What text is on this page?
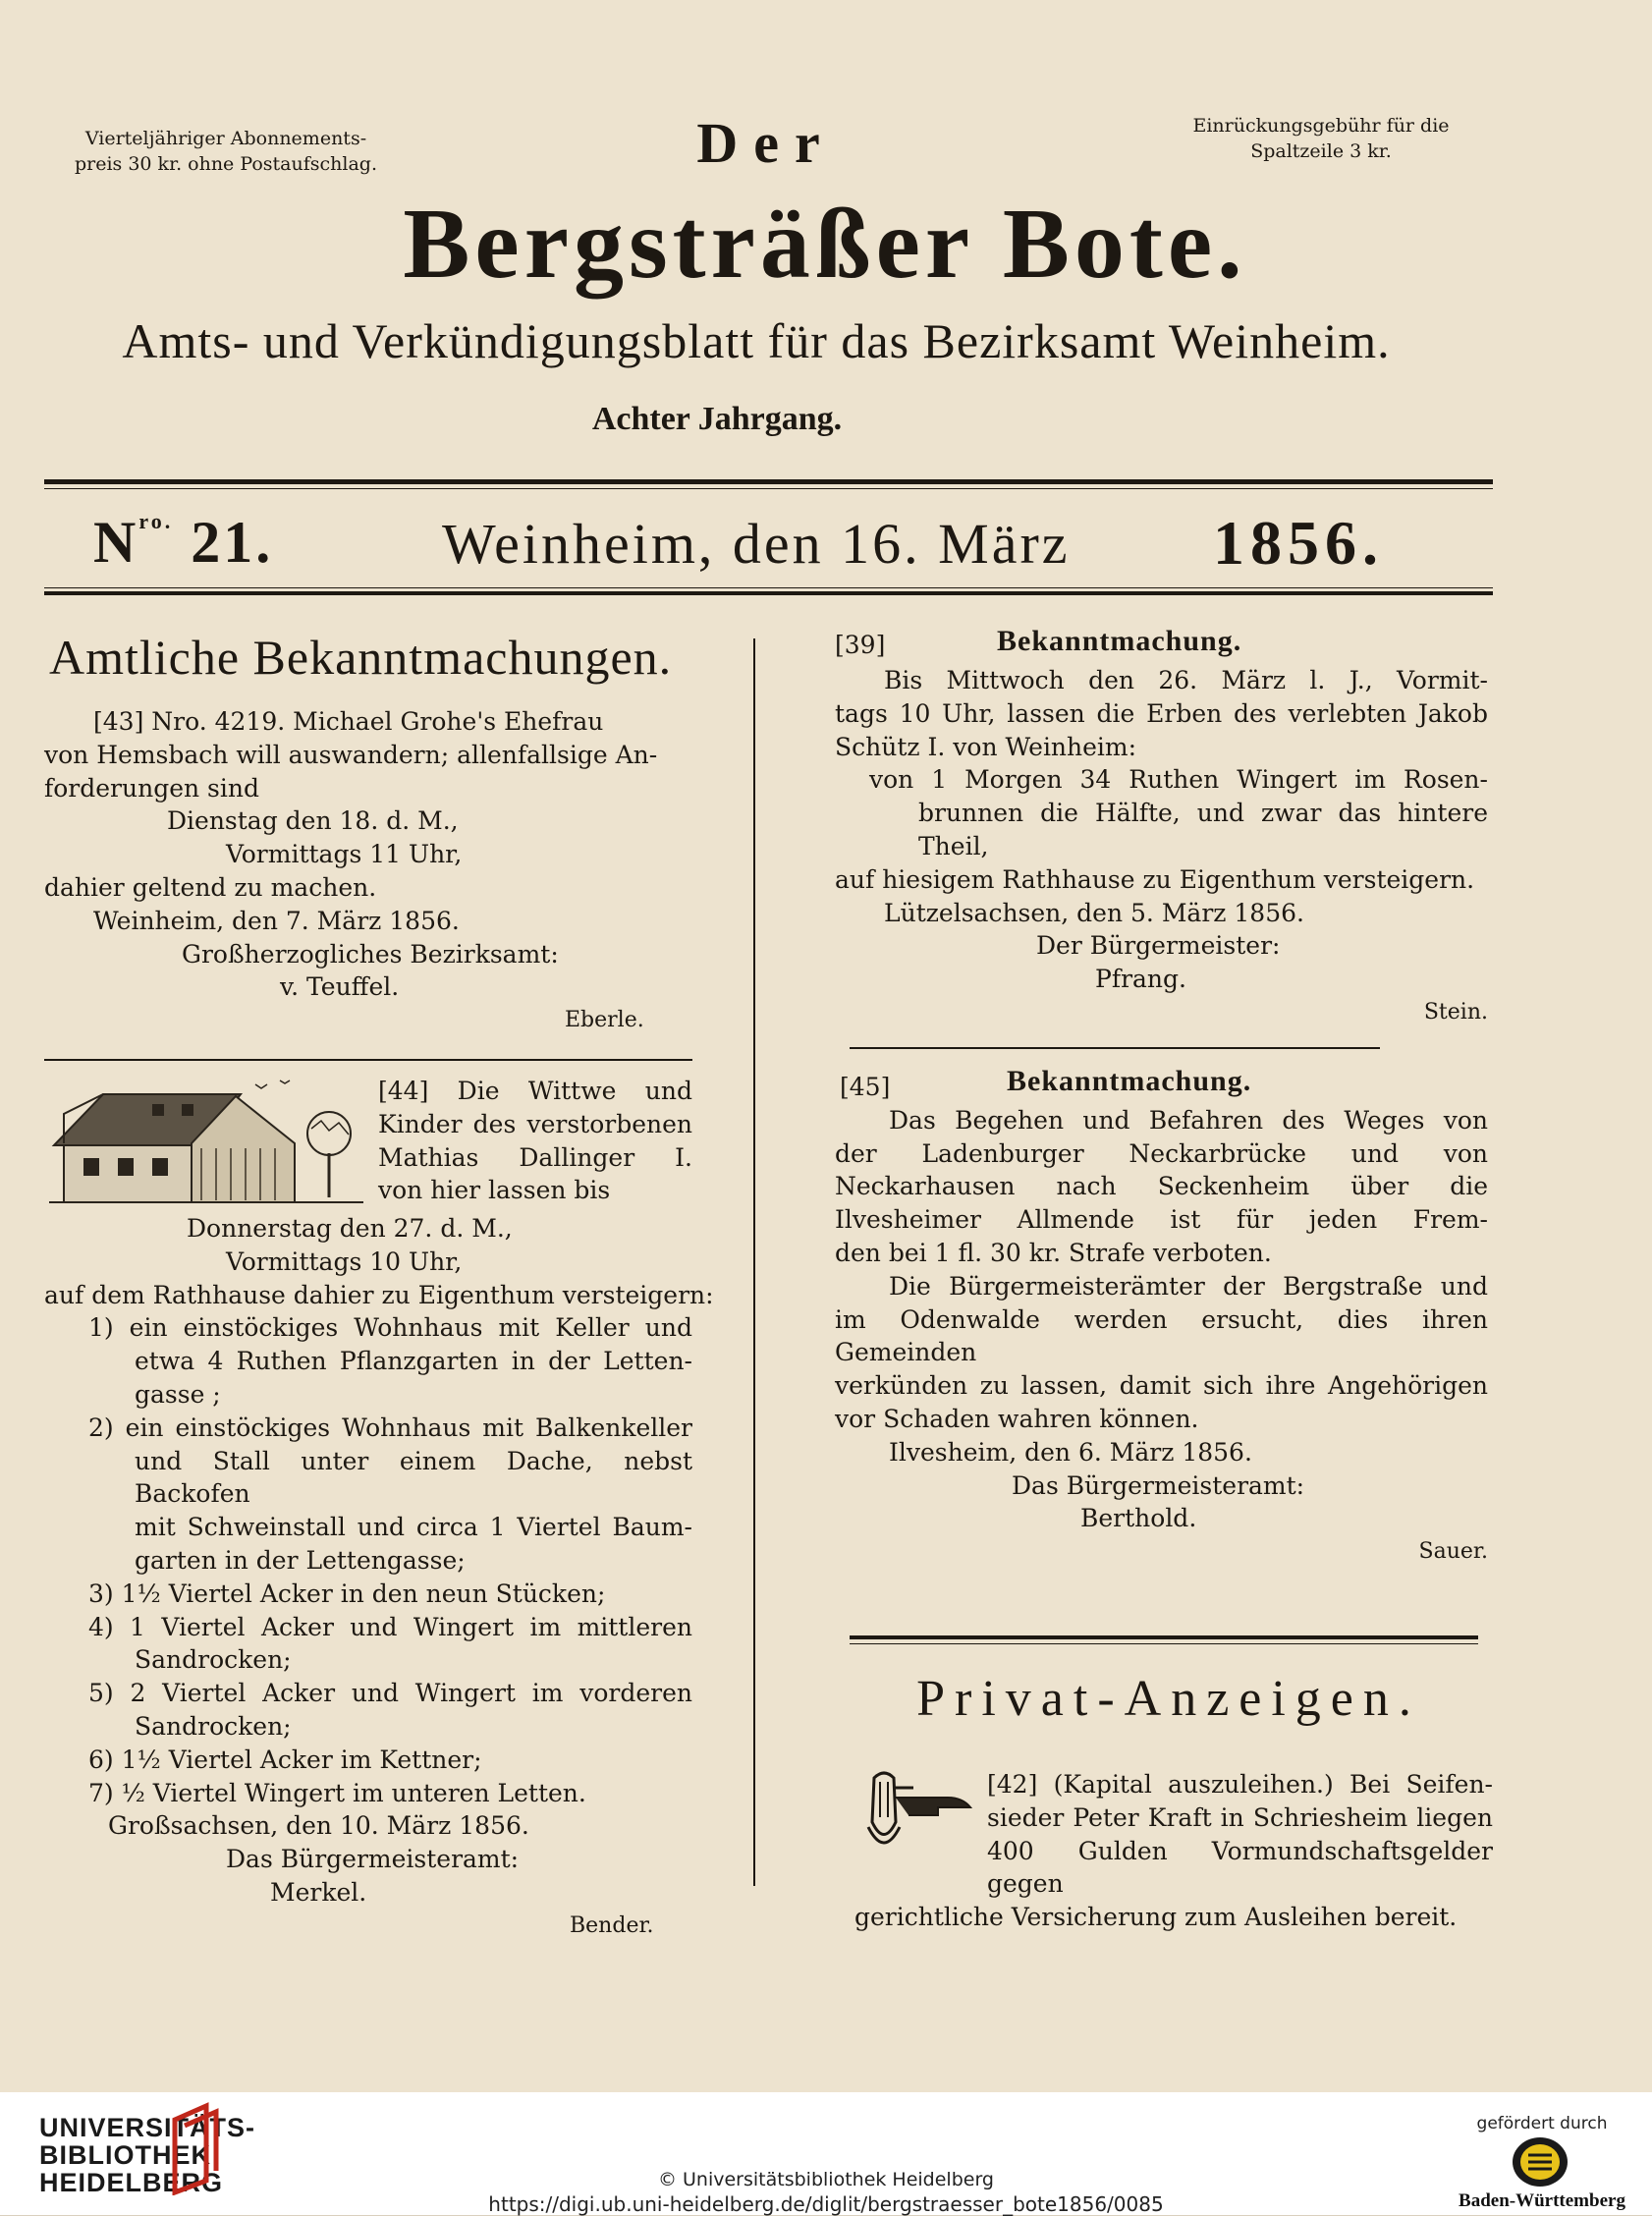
Vierteljähriger Abonnements-
preis 30 kr. ohne Postaufschlag.
Einrückungsgebühr für die
Spaltzeile 3 kr.
Der
Bergsträßer Bote.
Amts- und Verkündigungsblatt für das Bezirksamt Weinheim.
Achter Jahrgang.
$N^{ro.}$ 21.	Weinheim, den 16. März 1856.
Amtliche Bekanntmachungen.
[43] Nro. 4219. Michael Grohe's Ehefrau
von Hemsbach will auswandern; allenfallsige An-
forderungen sind
Dienstag den 18. d. M.,
Vormittags 11 Uhr,
dahier geltend zu machen.
Weinheim, den 7. März 1856.
Großherzogliches Bezirksamt:
v. Teuffel.
Eberle.
[44] Die Wittwe und
Kinder des verstorbenen
Mathias Dallinger I.
von hier lassen bis
Donnerstag den 27. d. M.,
Vormittags 10 Uhr,
auf dem Rathhause dahier zu Eigenthum versteigern:
1) ein einstöckiges Wohnhaus mit Keller und
etwa 4 Ruthen Pflanzgarten in der Letten-
gasse ;
2) ein einstöckiges Wohnhaus mit Balkenkeller
und Stall unter einem Dache, nebst Backofen
mit Schweinstall und circa 1 Viertel Baum-
garten in der Lettengasse;
3) 1½ Viertel Acker in den neun Stücken;
4) 1 Viertel Acker und Wingert im mittleren
Sandrocken;
5) 2 Viertel Acker und Wingert im vorderen
Sandrocken;
6) 1½ Viertel Acker im Kettner;
7) ½ Viertel Wingert im unteren Letten.
Großsachsen, den 10. März 1856.
Das Bürgermeisteramt:
Merkel.
Bender.
[39]	Bekanntmachung.
Bis Mittwoch den 26. März l. J., Vormit-
tags 10 Uhr, lassen die Erben des verlebten Jakob
Schütz I. von Weinheim:
von 1 Morgen 34 Ruthen Wingert im Rosen-
brunnen die Hälfte, und zwar das hintere
Theil,
auf hiesigem Rathhause zu Eigenthum versteigern.
Lützelsachsen, den 5. März 1856.
Der Bürgermeister:
Pfrang.
Stein.
[45]	Bekanntmachung.
Das Begehen und Befahren des Weges von
der Ladenburger Neckarbrücke und von
Neckarhausen nach Seckenheim über die
Ilvesheimer Allmende ist für jeden Frem-
den bei 1 fl. 30 kr. Strafe verboten.
Die Bürgermeisterämter der Bergstraße und
im Odenwalde werden ersucht, dies ihren Gemeinden
verkünden zu lassen, damit sich ihre Angehörigen
vor Schaden wahren können.
Ilvesheim, den 6. März 1856.
Das Bürgermeisteramt:
Berthold.
Sauer.
Privat-Anzeigen.
[42] (Kapital auszuleihen.) Bei Seifen-
sieder Peter Kraft in Schriesheim liegen
400 Gulden Vormundschaftsgelder gegen
gerichtliche Versicherung zum Ausleihen bereit.
UNIVERSITÄTS-
BIBLIOTHEK
HEIDELBERG	© Universitätsbibliothek Heidelberg
https://digi.ub.uni-heidelberg.de/diglit/bergstraesser_bote1856/0085
gefördert durch
Baden-Württemberg
